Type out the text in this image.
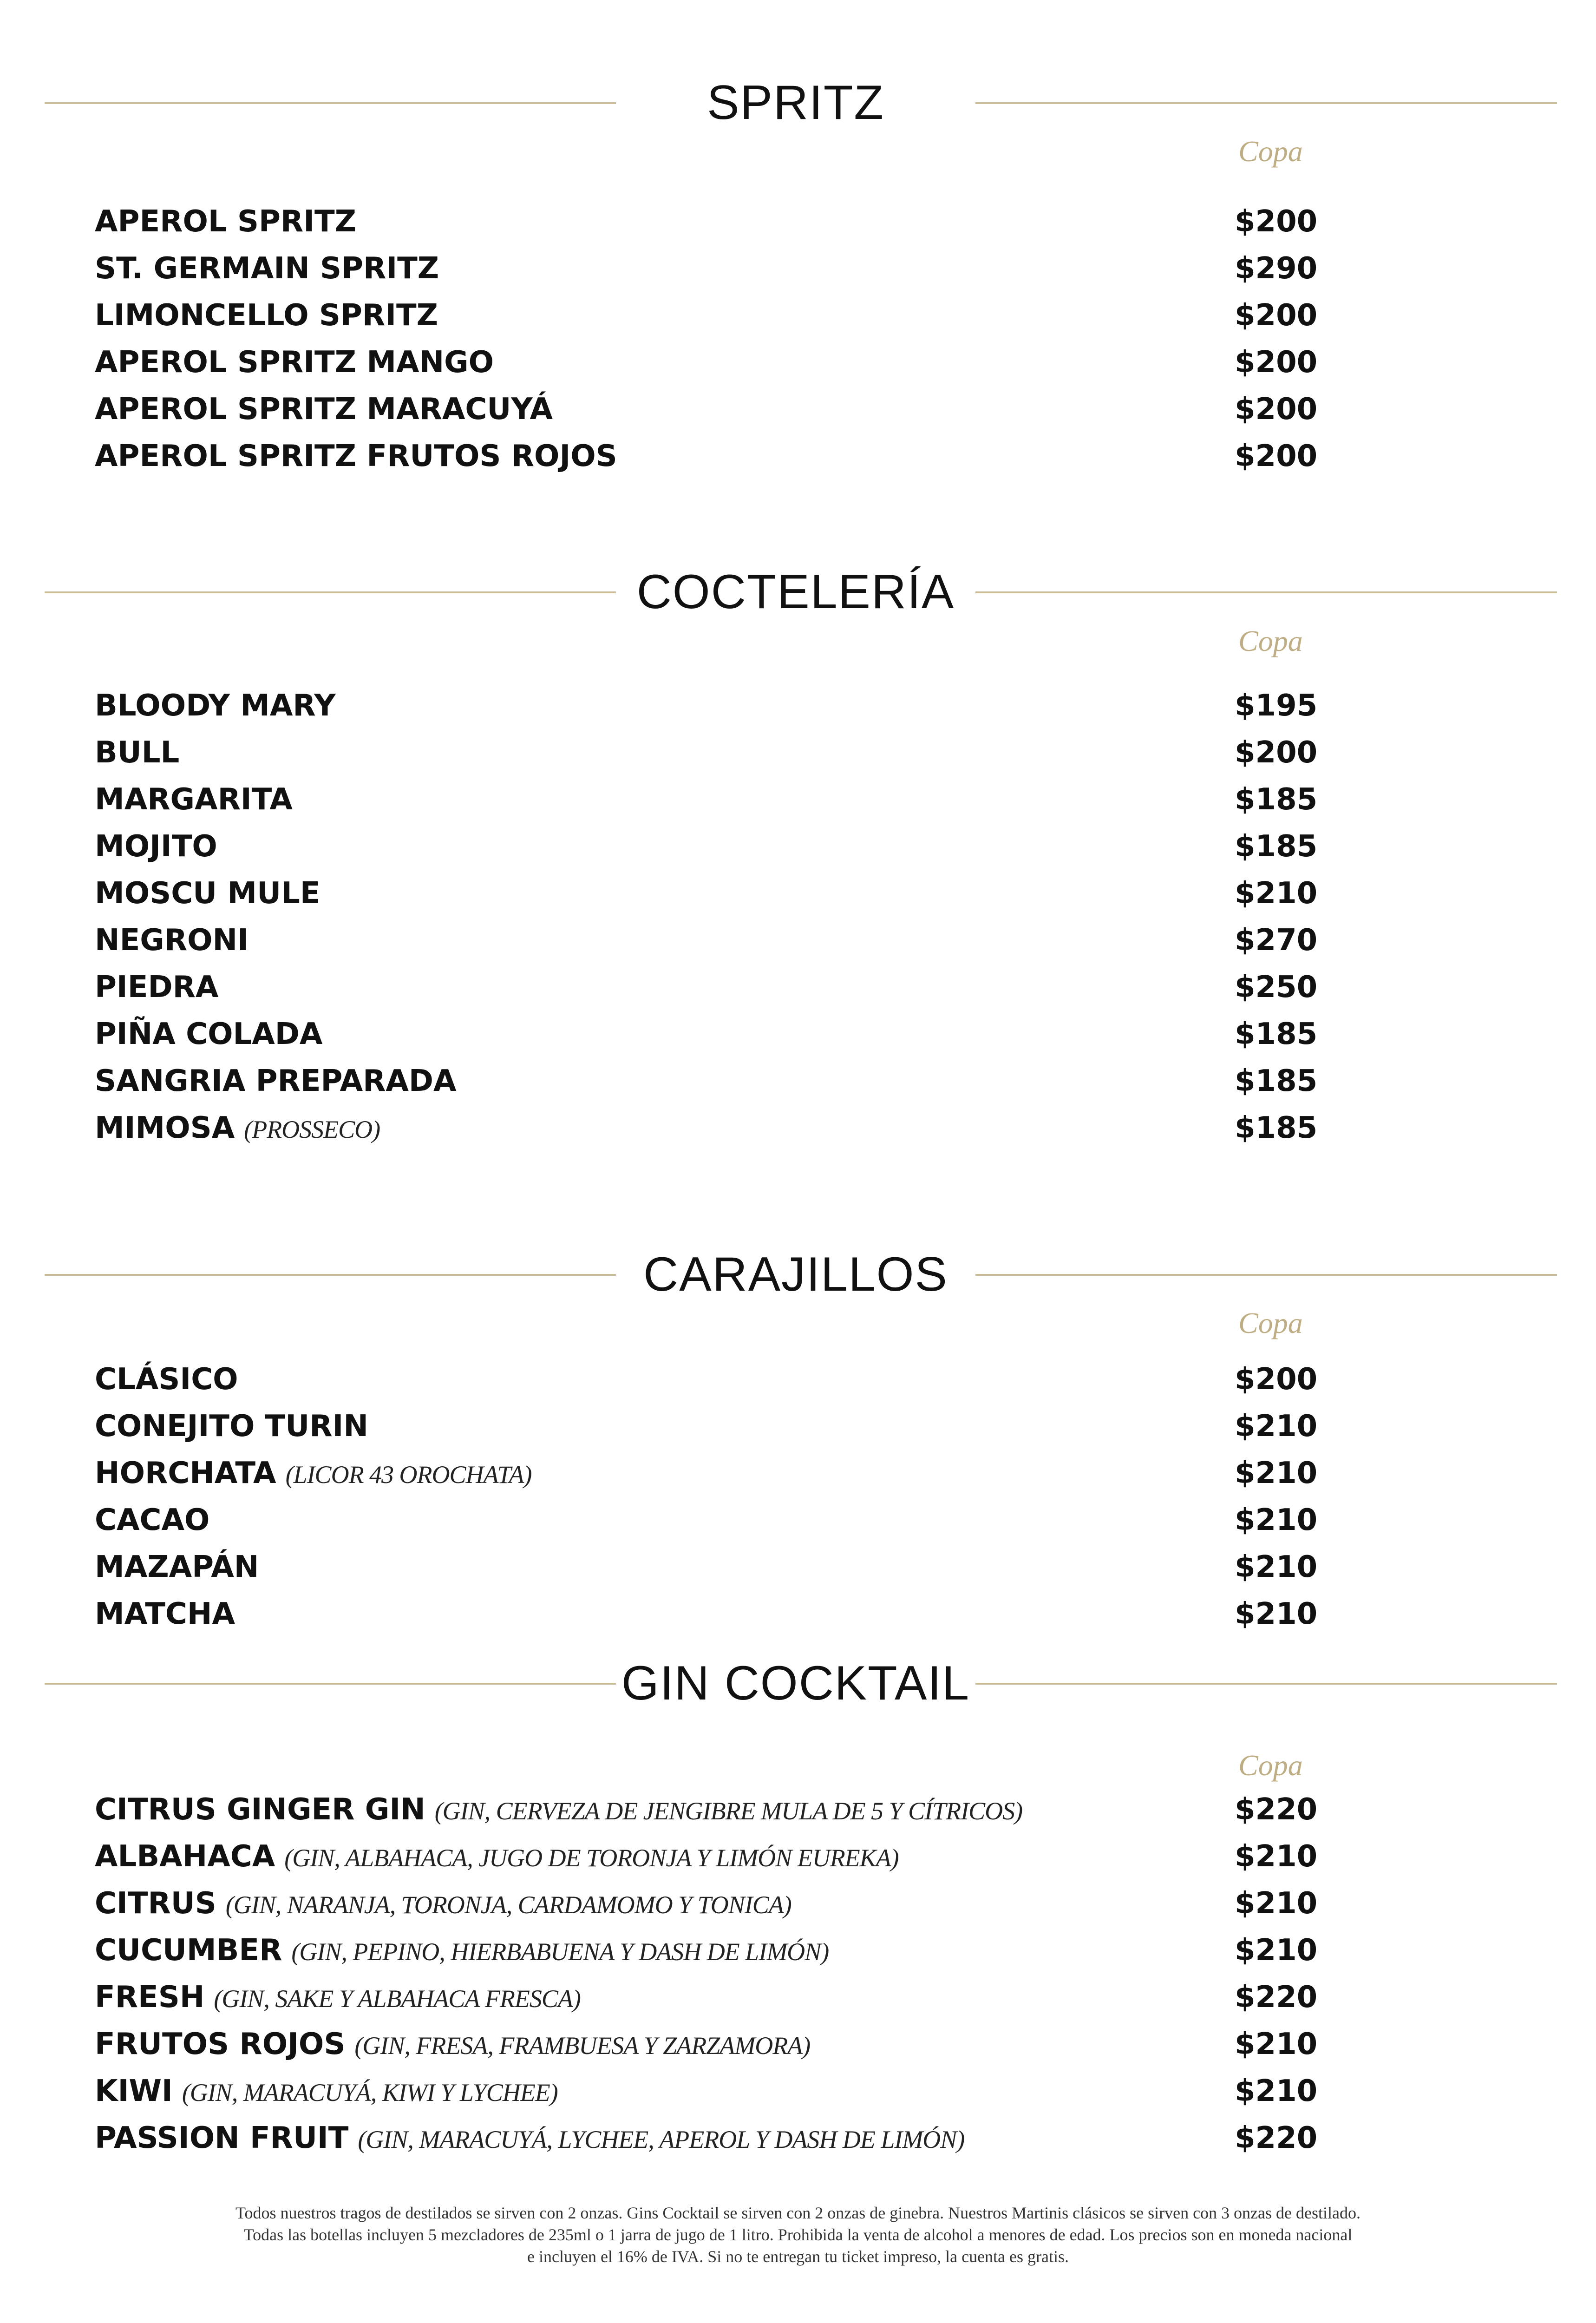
SPRITZ
Copa
APEROL SPRITZ	$200
ST. GERMAIN SPRITZ	$290
LIMONCELLO SPRITZ	$200
APEROL SPRITZ MANGO	$200
APEROL SPRITZ MARACUYÁ	$200
APEROL SPRITZ FRUTOS ROJOS	$200
COCTELERÍA
Copa
BLOODY MARY	$195
BULL	$200
MARGARITA	$185
MOJITO	$185
MOSCU MULE	$210
NEGRONI	$270
PIEDRA	$250
PIÑA COLADA	$185
SANGRIA PREPARADA	$185
MIMOSA (PROSSECO)	$185
CARAJILLOS
Copa
CLÁSICO	$200
CONEJITO TURIN	$210
HORCHATA (LICOR 43 OROCHATA)	$210
CACAO	$210
MAZAPÁN	$210
MATCHA	$210
GIN COCKTAIL
Copa
CITRUS GINGER GIN (GIN, CERVEZA DE JENGIBRE MULA DE 5 Y CÍTRICOS)	$220
ALBAHACA (GIN, ALBAHACA, JUGO DE TORONJA Y LIMÓN EUREKA)	$210
CITRUS (GIN, NARANJA, TORONJA, CARDAMOMO Y TONICA)	$210
CUCUMBER (GIN, PEPINO, HIERBABUENA Y DASH DE LIMÓN)	$210
FRESH (GIN, SAKE Y ALBAHACA FRESCA)	$220
FRUTOS ROJOS (GIN, FRESA, FRAMBUESA Y ZARZAMORA)	$210
KIWI (GIN, MARACUYÁ, KIWI Y LYCHEE)	$210
PASSION FRUIT (GIN, MARACUYÁ, LYCHEE, APEROL Y DASH DE LIMÓN)	$220
Todos nuestros tragos de destilados se sirven con 2 onzas. Gins Cocktail se sirven con 2 onzas de ginebra. Nuestros Martinis clásicos se sirven con 3 onzas de destilado.
Todas las botellas incluyen 5 mezcladores de 235ml o 1 jarra de jugo de 1 litro. Prohibida la venta de alcohol a menores de edad. Los precios son en moneda nacional
e incluyen el 16% de IVA. Si no te entregan tu ticket impreso, la cuenta es gratis.
